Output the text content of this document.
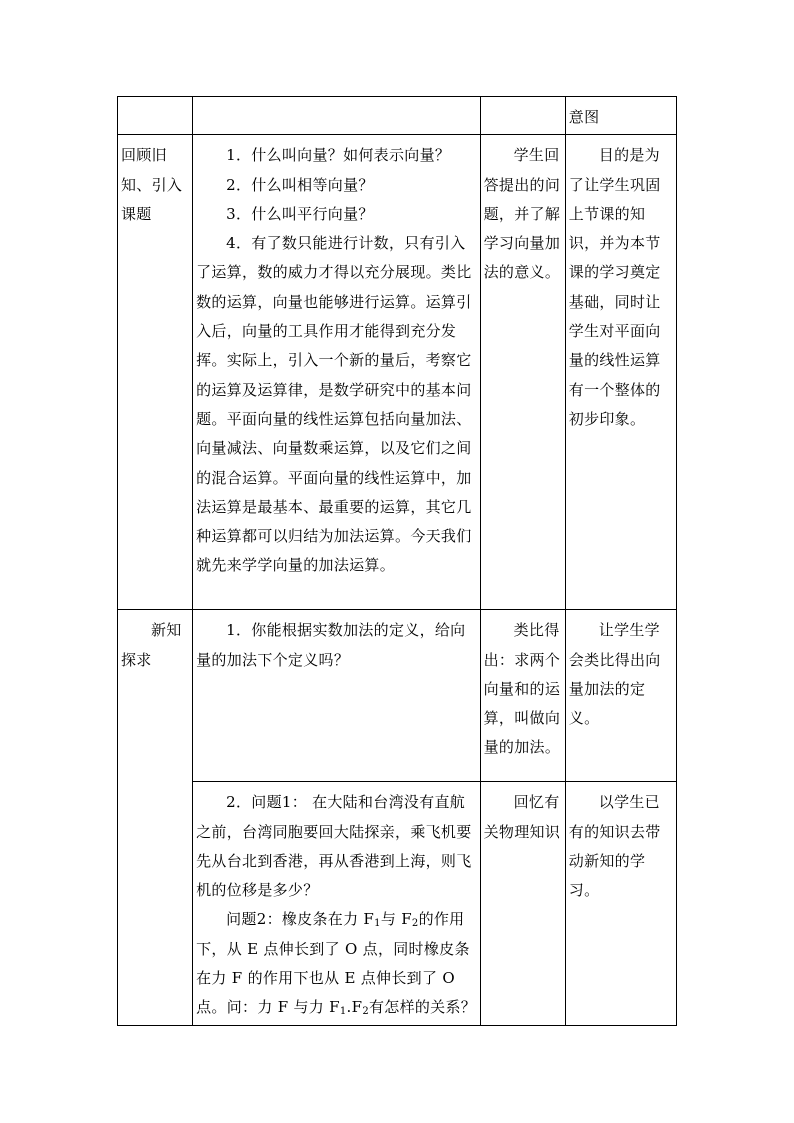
			意图

回顾旧知、引入课题	1．什么叫向量？如何表示向量？

2．什么叫相等向量？

3．什么叫平行向量？

4．有了数只能进行计数，只有引入了运算，数的威力才得以充分展现。类比数的运算，向量也能够进行运算。运算引入后，向量的工具作用才能得到充分发挥。实际上，引入一个新的量后，考察它的运算及运算律，是数学研究中的基本问题。平面向量的线性运算包括向量加法、向量减法、向量数乘运算，以及它们之间的混合运算。平面向量的线性运算中，加法运算是最基本、最重要的运算，其它几种运算都可以归结为加法运算。今天我们就先来学学向量的加法运算。	学生回答提出的问题，并了解学习向量加法的意义。	目的是为了让学生巩固上节课的知识，并为本节课的学习奠定基础，同时让学生对平面向量的线性运算有一个整体的初步印象。

新知探求	1．你能根据实数加法的定义，给向量的加法下个定义吗？	类比得出：求两个向量和的运算，叫做向量的加法。	让学生学会类比得出向量加法的定义。

	2．问题1： 在大陆和台湾没有直航之前，台湾同胞要回大陆探亲，乘飞机要先从台北到香港，再从香港到上海，则飞机的位移是多少？

问题2：橡皮条在力 $F_1$与 $F_2$的作用下，从 E 点伸长到了 O 点，同时橡皮条在力 F 的作用下也从 E 点伸长到了 O 点。问：力 F 与力 $F_1.F_2$有怎样的关系？	回忆有关物理知识	以学生已有的知识去带动新知的学习。
